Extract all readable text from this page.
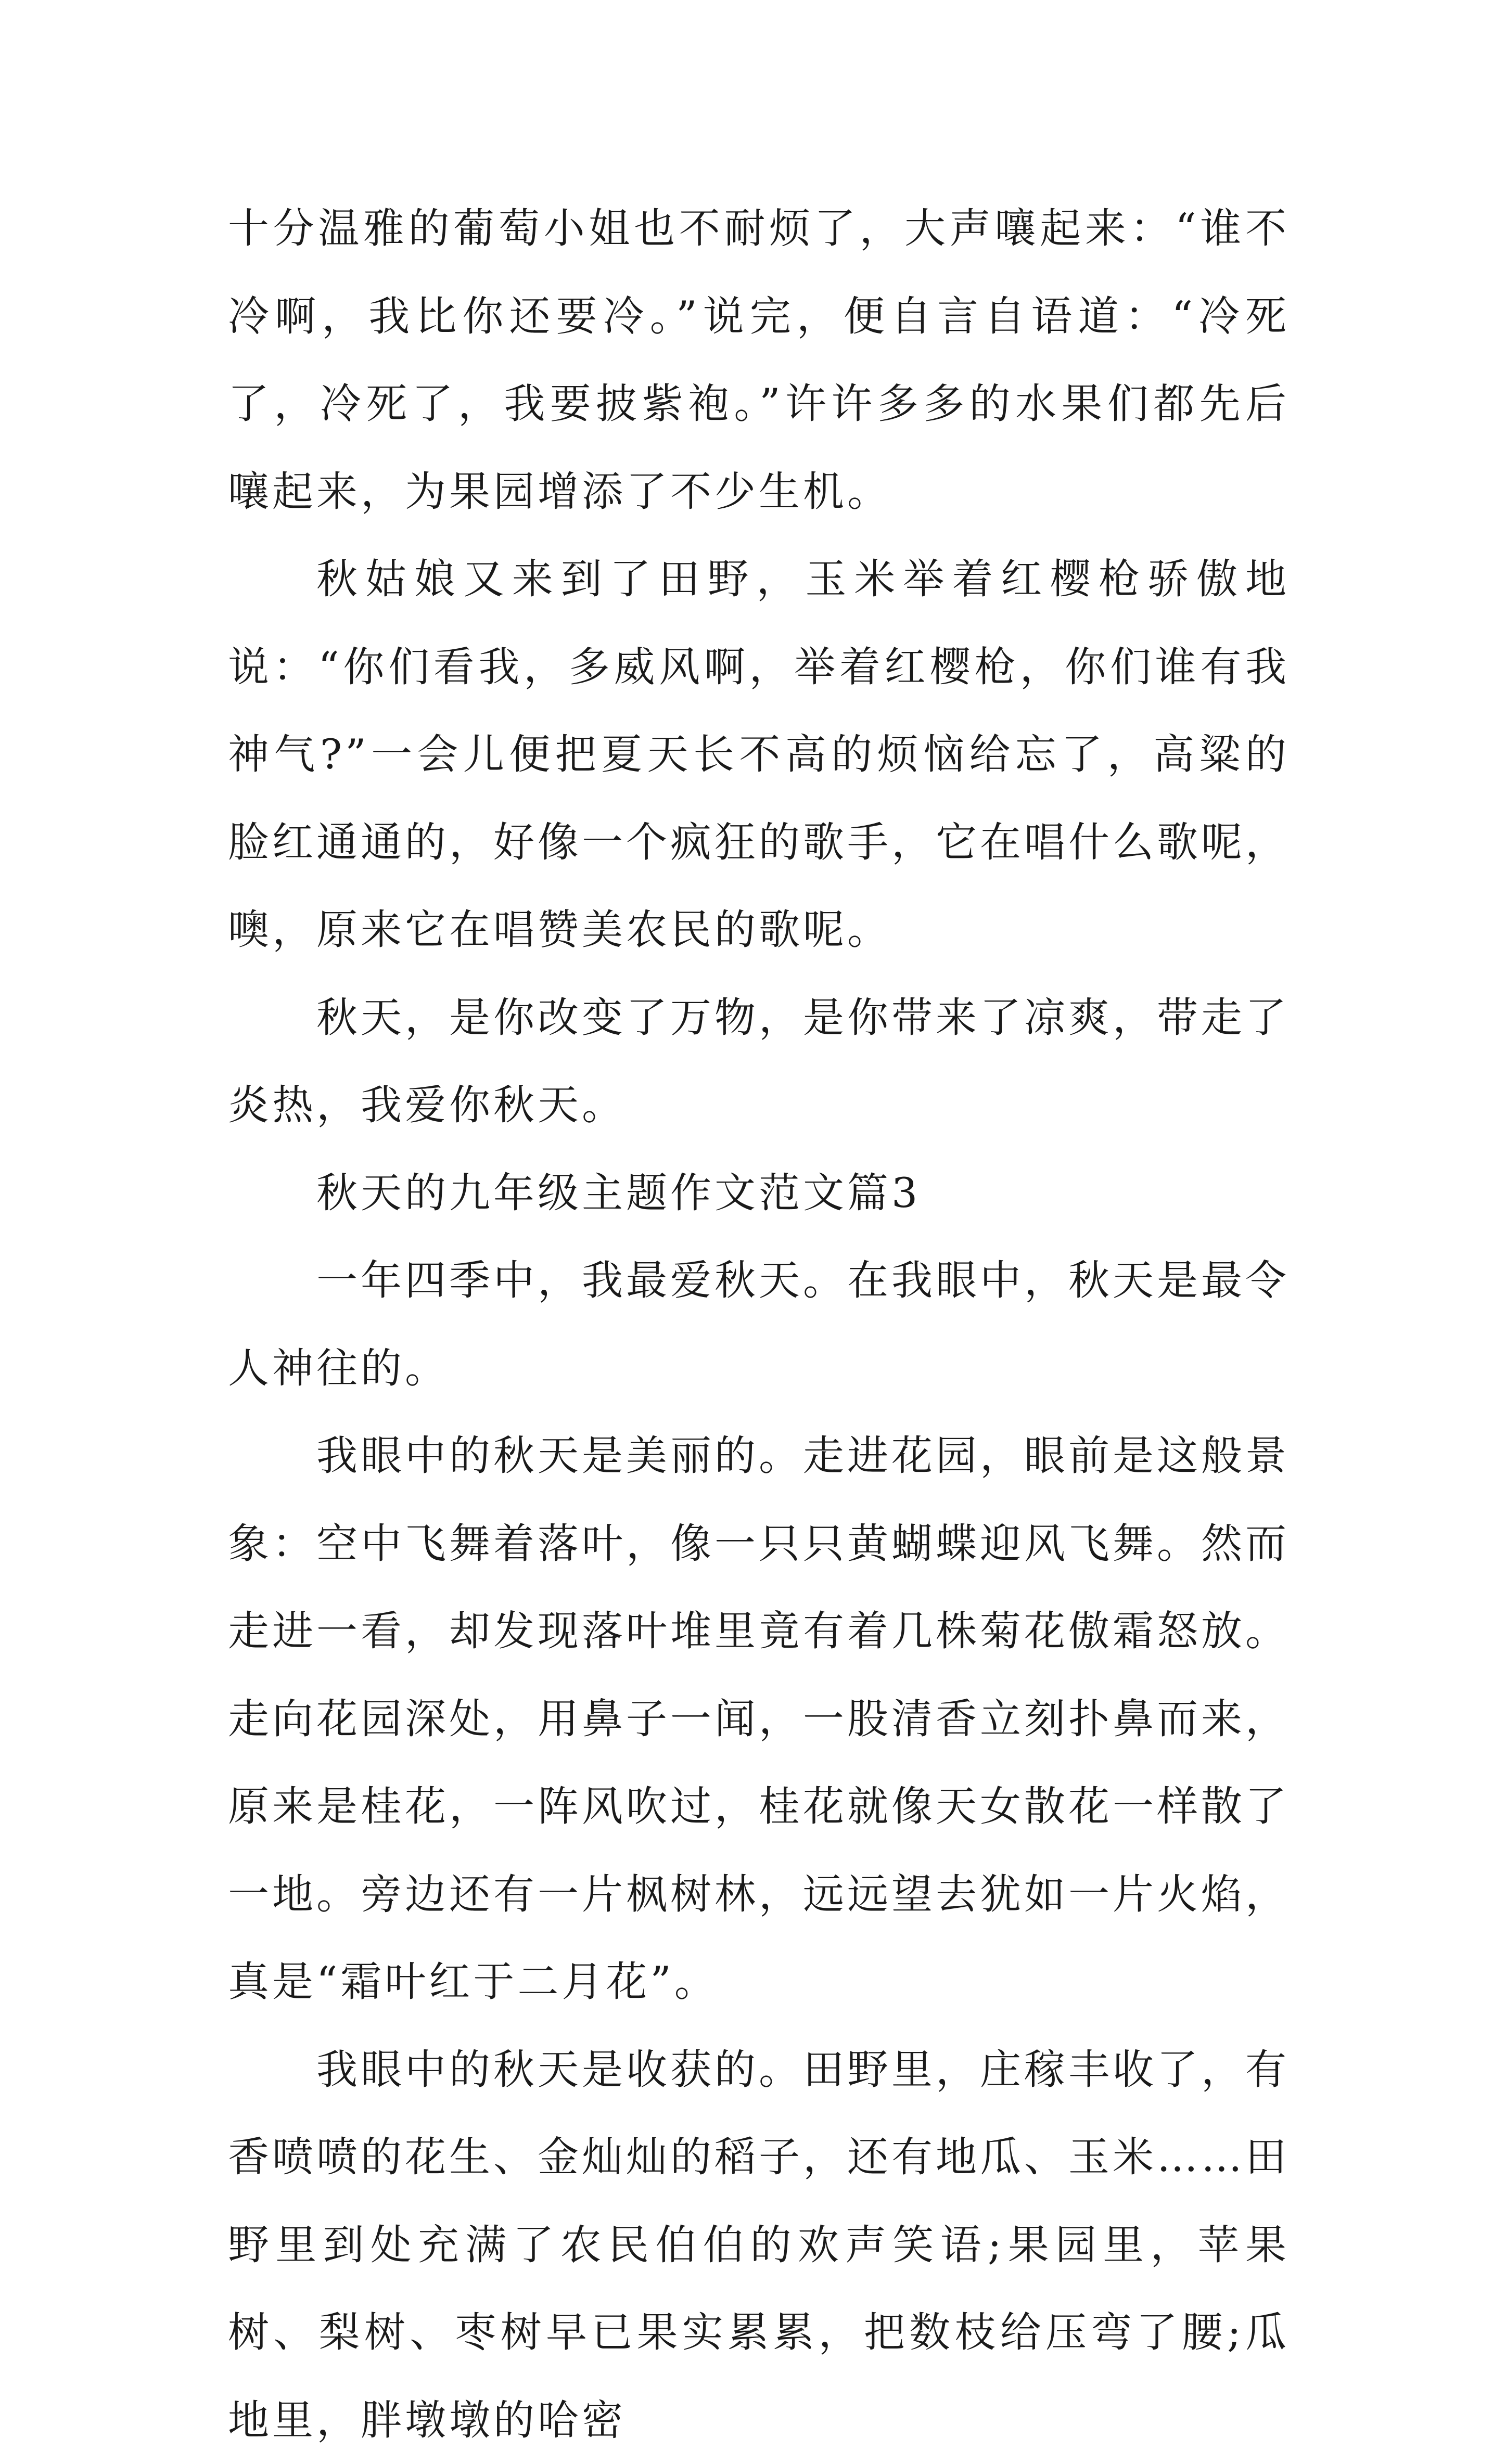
十分温雅的葡萄小姐也不耐烦了，大声嚷起来：“谁不冷啊，我比你还要冷。”说完，便自言自语道：“冷死了，冷死了，我要披紫袍。”许许多多的水果们都先后嚷起来，为果园增添了不少生机。

秋姑娘又来到了田野，玉米举着红樱枪骄傲地说：“你们看我，多威风啊，举着红樱枪，你们谁有我神气?”一会儿便把夏天长不高的烦恼给忘了，高粱的脸红通通的，好像一个疯狂的歌手，它在唱什么歌呢，噢，原来它在唱赞美农民的歌呢。

秋天，是你改变了万物，是你带来了凉爽，带走了炎热，我爱你秋天。

秋天的九年级主题作文范文篇3

一年四季中，我最爱秋天。在我眼中，秋天是最令人神往的。

我眼中的秋天是美丽的。走进花园，眼前是这般景象：空中飞舞着落叶，像一只只黄蝴蝶迎风飞舞。然而走进一看，却发现落叶堆里竟有着几株菊花傲霜怒放。走向花园深处，用鼻子一闻，一股清香立刻扑鼻而来，原来是桂花，一阵风吹过，桂花就像天女散花一样散了一地。旁边还有一片枫树林，远远望去犹如一片火焰，真是“霜叶红于二月花”。

我眼中的秋天是收获的。田野里，庄稼丰收了，有香喷喷的花生、金灿灿的稻子，还有地瓜、玉米……田野里到处充满了农民伯伯的欢声笑语;果园里，苹果树、梨树、枣树早已果实累累，把数枝给压弯了腰;瓜地里，胖墩墩的哈密
